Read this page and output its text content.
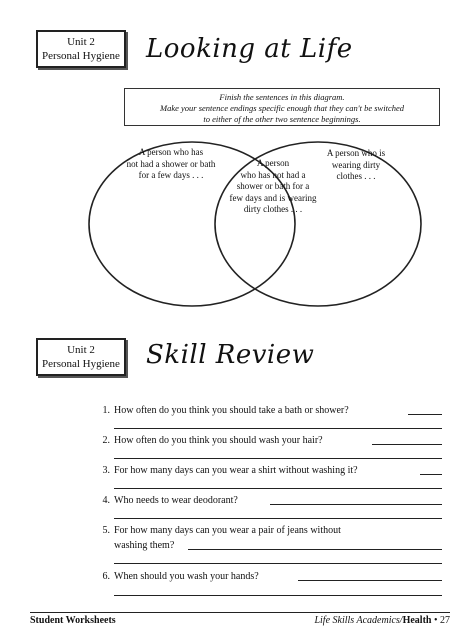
Unit 2
Personal Hygiene Looking at Life
Finish the sentences in this diagram.
Make your sentence endings specific enough that they can't be switched
to either of the other two sentence beginnings.
A person who has
not had a shower or bath
for a few days . . .
A person
who has not had a
shower or bath for a
few days and is wearing
dirty clothes . . .
A person who is
wearing dirty
clothes . . .
Unit 2
Personal Hygiene Skill Review
1. How often do you think you should take a bath or shower?
2. How often do you think you should wash your hair?
3. For how many days can you wear a shirt without washing it?
4. Who needs to wear deodorant?
5. For how many days can you wear a pair of jeans without
washing them?
6. When should you wash your hands?
Student Worksheets	Life Skills Academics/Health • 27
